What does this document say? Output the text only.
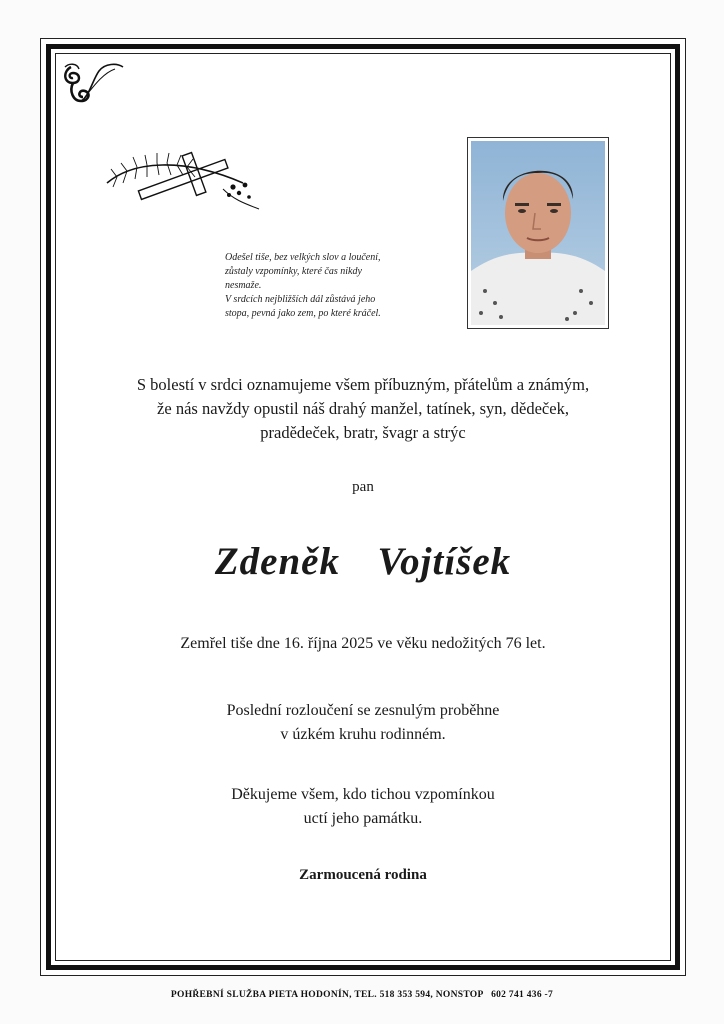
Odešel tiše, bez velkých slov a loučení,
zůstaly vzpomínky, které čas nikdy
nesmaže.
V srdcích nejbližších dál zůstává jeho
stopa, pevná jako zem, po které kráčel.
S bolestí v srdci oznamujeme všem příbuzným, přátelům a známým,
že nás navždy opustil náš drahý manžel, tatínek, syn, dědeček,
pradědeček, bratr, švagr a strýc
pan
Zdeněk  Vojtíšek
Zemřel tiše dne 16. října 2025 ve věku nedožitých 76 let.
Poslední rozloučení se zesnulým proběhne
v úzkém kruhu rodinném.
Děkujeme všem, kdo tichou vzpomínkou
uctí jeho památku.
Zarmoucená rodina
POHŘEBNÍ SLUŽBA PIETA HODONÍN, TEL. 518 353 594, NONSTOP   602 741 436 -7
